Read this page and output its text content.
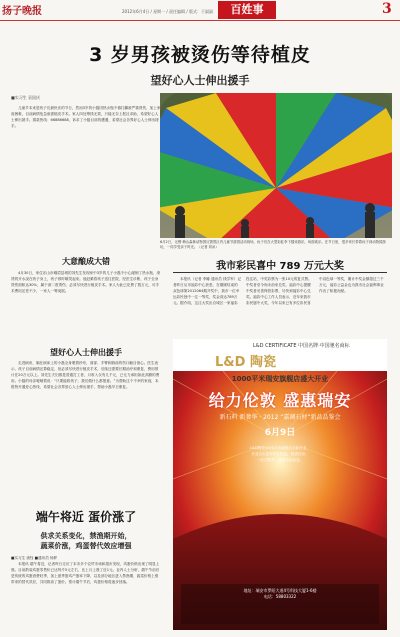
扬子晚报	2012年6月4日 / 星期一 / 责任编辑 / 版式：于淑淑	百姓事	3
3 岁男孩被烫伤等待植皮
望好心人士伸出援手
■实习生 袁国庆

儿童节本来是孩子们最快乐的节日，然而3岁的小磊因热水瓶不慎打翻被严重烫伤，加上家庭困难，目前病情危急亟需植皮手术。家人四处筹钱无果，只能无奈上报社求助，希望好心人士伸出援手。捐款热线：66886688，诉求了小磊目前的遭遇，希望社会各界好心人士伸出援手。

6月2日，无锡·梅山森林动物园反馈景区内儿童节游园活动现场，孩子们在大型彩虹伞下嬉戏游乐，场面欢乐。在节日里，很多家长带着孩子到动物园游玩，一同享受亲子时光。（记者 刘冰）
大意酿成大错

4月30日，家住乐山市峨眉县城的刘先生发现家中3岁的儿子小磊不小心碰倒了热水瓶，滚烫的开水浇在孩子身上，孩子顿时嚎哭起来。他赶紧将孩子送往医院，经医生诊断，孩子全身烫伤面积达30%，属于深二度烫伤，必须尽快进行植皮手术。家人为此已花费了数万元，可手术费用还差不少，一家人一筹莫展。

我市彩民喜中 789 万元大奖

本报讯（记者 李娜 通讯员 钱学军）记者昨日从市福彩中心获悉，在刚刚结束的双色球第2012064期开奖中，我市一位幸运彩民独中一注一等奖，奖金高达789万元。据介绍，这注大奖出自城区一家福彩投注站，中奖彩票为一张10元的复式票。中奖者至今尚未前来兑奖，福彩中心提醒中奖者妥善保管彩票，尽快到福彩中心兑奖。福彩中心工作人员表示，近年来我市彩民屡中大奖，今年以来已有多位彩民喜中双色球一等奖，累计中奖金额超过三千万元，福彩公益金也为我市社会福利事业作出了积极贡献。

望好心人士伸出援手

走进病房，躺在病床上的小磊全身裹着纱布，面部、手臂和胸前的伤口触目惊心。医生表示，孩子目前病情还算稳定，但必须尽快进行植皮手术，后续还需要长期治疗和康复，费用预计在20万元以上。刘先生夫妇都是普通打工者，月收入仅有几千元，已无力承担如此高额的费用。小磊的母亲哽咽着说：“只要能救孩子，我们做什么都愿意。”为帮助这个不幸的家庭，本报特开通爱心热线，希望社会各界爱心人士伸出援手，帮助小磊早日康复。

端午将近 蛋价涨了
供求关系变化，禁渔期开始，
蔬菜价涨，鸡蛋替代效应增强

■实习生 唐钰 ■通讯员 杨梦

本报讯 端午将近，记者昨日走访了本市多个农贸市场和超市发现，鸡蛋价格出现了明显上涨。目前散装鸡蛋零售价已达每斤5元左右，比上月上涨了近1元。业内人士分析，端午节前后是传统的鸡蛋消费旺季，加上夏季蛋鸡产蛋率下降，以及部分地区进入禁渔期、蔬菜价格上涨带来的替代效应，共同推高了蛋价。预计端午节后，鸡蛋价格将逐步回落。

L&D CERTIFICATE 中国名牌·中国驰名商标
L&D 陶瓷
1000平米瑞安旗舰店盛大开业
给力伦敦 盛惠瑞安
新石料 新奢华 · 2012 “嘉调石材”新品品鉴会
6月9日
L&D陶瓷1000平米旗舰店全新开业，
开业当天更有好礼相送，惊喜折扣，
一站式购齐，诚邀莅临品鉴。
地址：瑞安市罗阳大道4号科技大厦1-6楼
电话：58803322
